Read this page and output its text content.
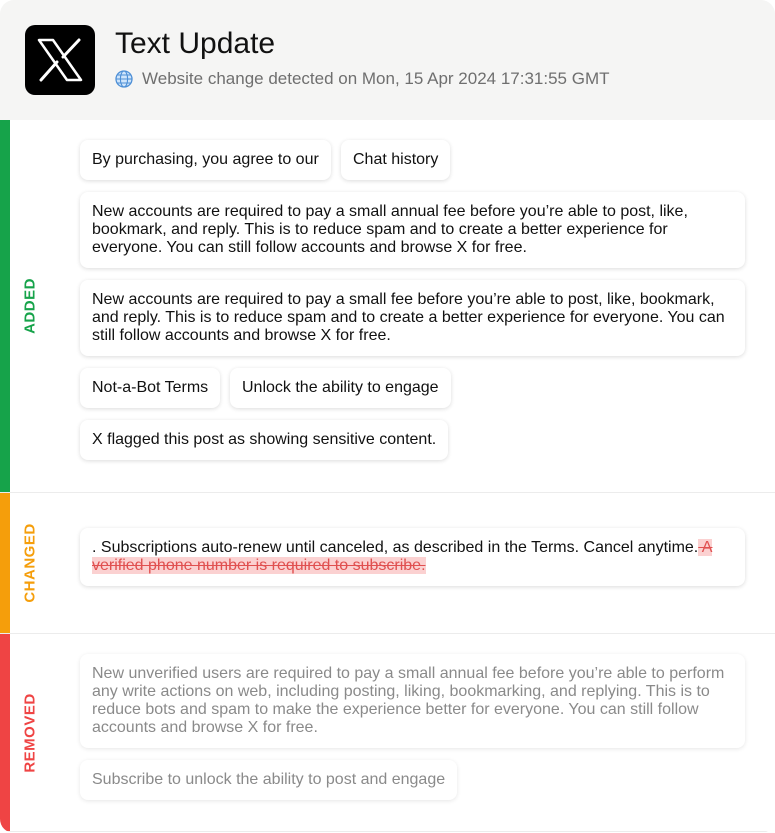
Text Update
Website change detected on Mon, 15 Apr 2024 17:31:55 GMT
ADDED
By purchasing, you agree to our	Chat history
New accounts are required to pay a small annual fee before you’re able to post, like, bookmark, and reply. This is to reduce spam and to create a better experience for everyone. You can still follow accounts and browse X for free.
New accounts are required to pay a small fee before you’re able to post, like, bookmark, and reply. This is to reduce spam and to create a better experience for everyone. You can still follow accounts and browse X for free.
Not-a-Bot Terms	Unlock the ability to engage
X flagged this post as showing sensitive content.
CHANGED	. Subscriptions auto-renew until canceled, as described in the Terms. Cancel anytime. A verified phone number is required to subscribe.
REMOVED
New unverified users are required to pay a small annual fee before you’re able to perform any write actions on web, including posting, liking, bookmarking, and replying. This is to reduce bots and spam to make the experience better for everyone. You can still follow accounts and browse X for free.
Subscribe to unlock the ability to post and engage
